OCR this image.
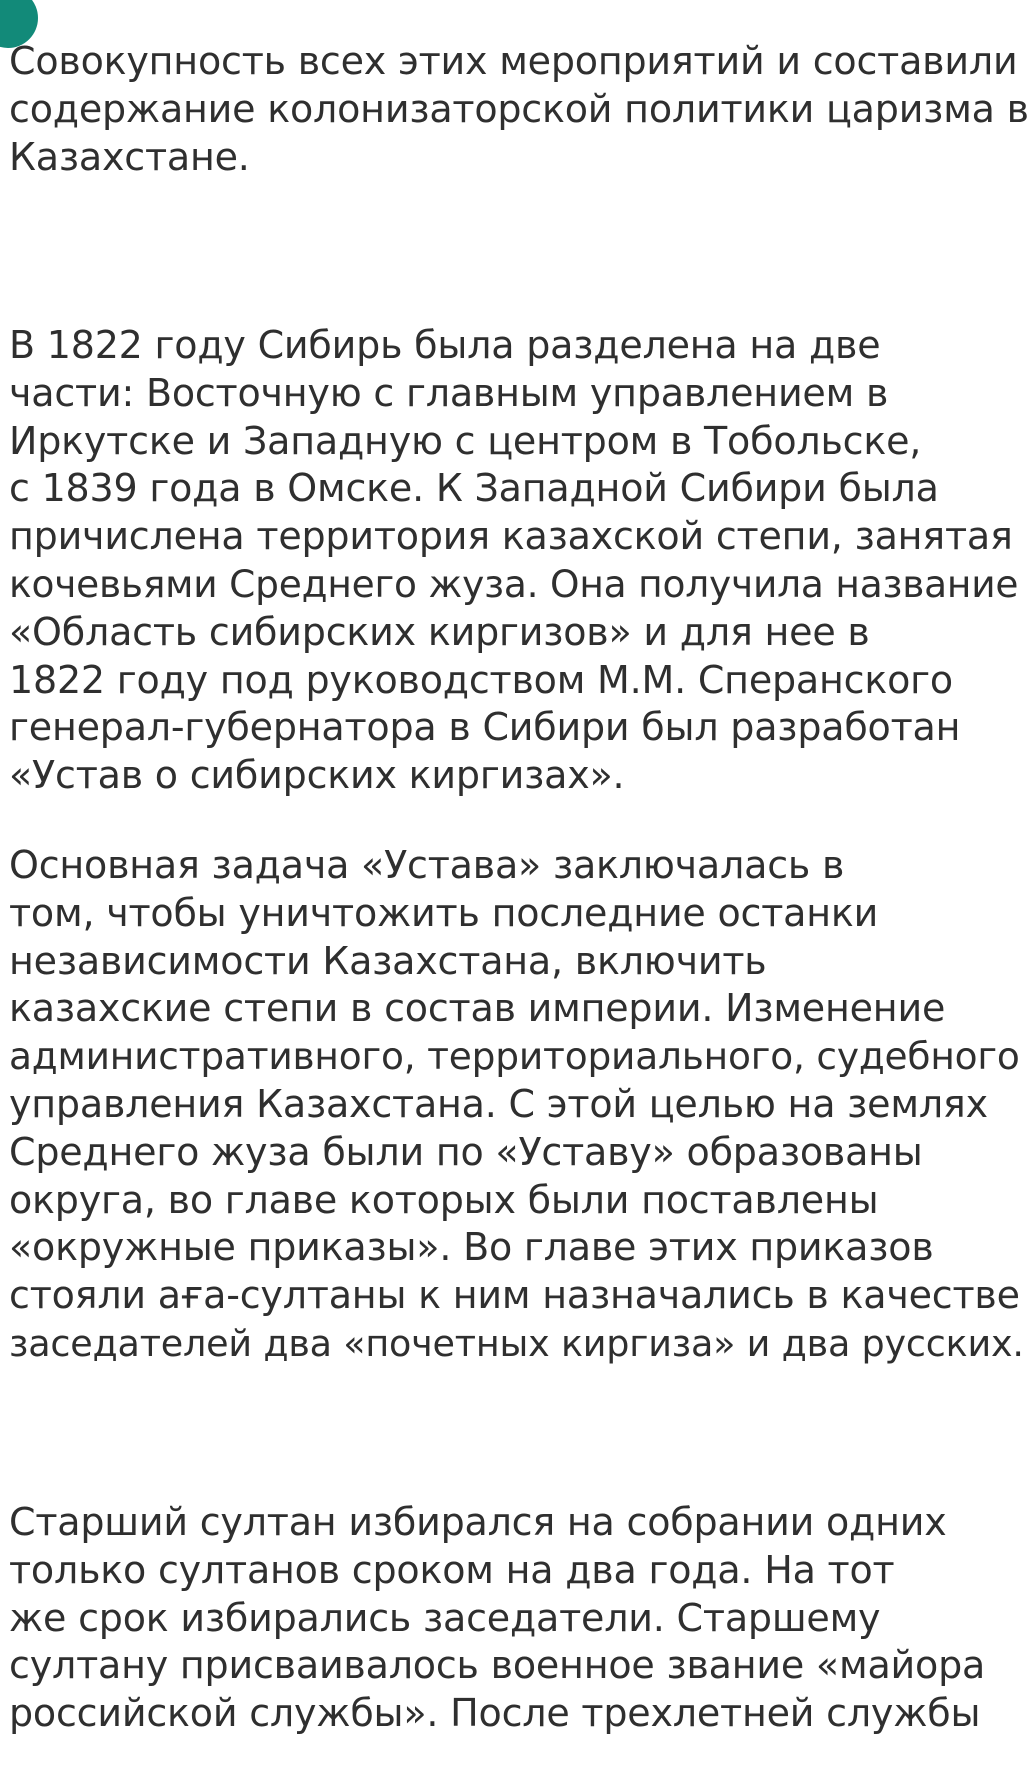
Совокупность всех этих мероприятий и составили
содержание колонизаторской политики царизма в
Казахстане.

В 1822 году Сибирь была разделена на две
части: Восточную с главным управлением в
Иркутске и Западную с центром в Тобольске,
с 1839 года в Омске. К Западной Сибири была
причислена территория казахской степи, занятая
кочевьями Среднего жуза. Она получила название
«Область сибирских киргизов» и для нее в
1822 году под руководством М.М. Сперанского
генерал-губернатора в Сибири был разработан
«Устав о сибирских киргизах».

Основная задача «Устава» заключалась в
том, чтобы уничтожить последние останки
независимости Казахстана, включить
казахские степи в состав империи. Изменение
административного, территориального, судебного
управления Казахстана. С этой целью на землях
Среднего жуза были по «Уставу» образованы
округа, во главе которых были поставлены
«окружные приказы». Во главе этих приказов
стояли аға-султаны к ним назначались в качестве
заседателей два «почетных киргиза» и два русских.

Старший султан избирался на собрании одних
только султанов сроком на два года. На тот
же срок избирались заседатели. Старшему
султану присваивалось военное звание «майора
российской службы». После трехлетней службы
